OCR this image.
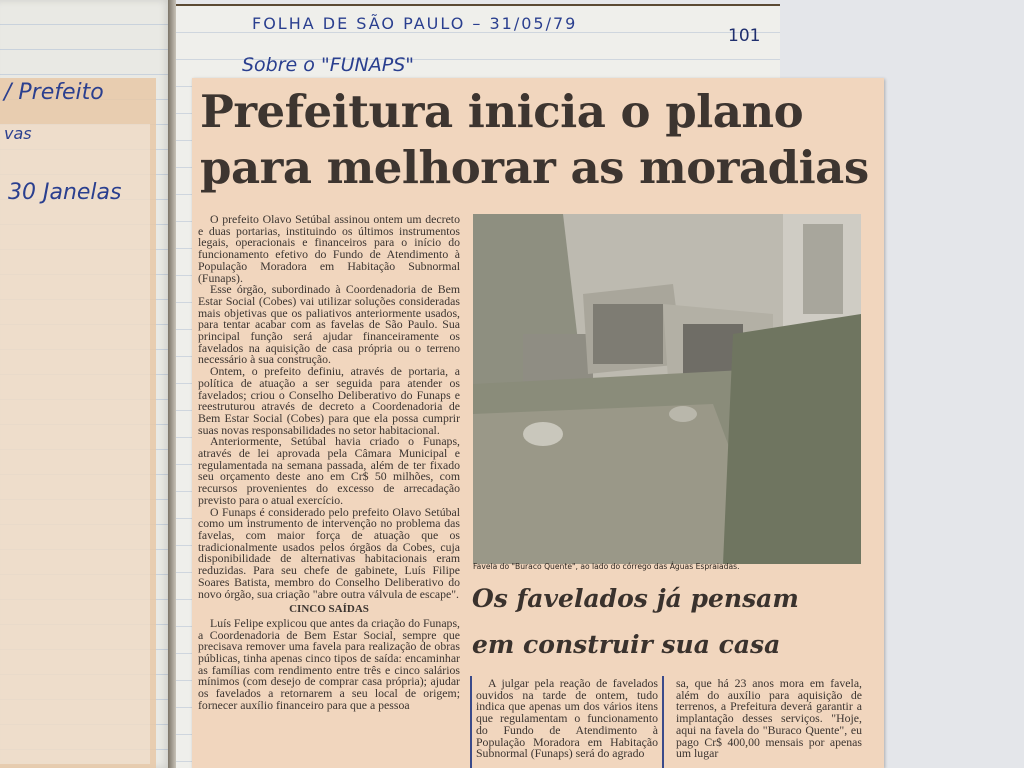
/ Prefeito
vas
30 Janelas
FOLHA DE SÃO PAULO – 31/05/79
Sobre o "FUNAPS"
101
Prefeitura inicia o plano
para melhorar as moradias

O prefeito Olavo Setúbal assinou ontem um decreto e duas portarias, instituindo os últimos instrumentos legais, operacionais e financeiros para o início do funcionamento efetivo do Fundo de Atendimento à População Moradora em Habitação Subnormal (Funaps).

Esse órgão, subordinado à Coordenadoria de Bem Estar Social (Cobes) vai utilizar soluções consideradas mais objetivas que os paliativos anteriormente usados, para tentar acabar com as favelas de São Paulo. Sua principal função será ajudar financeiramente os favelados na aquisição de casa própria ou o terreno necessário à sua construção.

Ontem, o prefeito definiu, através de portaria, a política de atuação a ser seguida para atender os favelados; criou o Conselho Deliberativo do Funaps e reestruturou através de decreto a Coordenadoria de Bem Estar Social (Cobes) para que ela possa cumprir suas novas responsabilidades no setor habitacional.

Anteriormente, Setúbal havia criado o Funaps, através de lei aprovada pela Câmara Municipal e regulamentada na semana passada, além de ter fixado seu orçamento deste ano em Cr$ 50 milhões, com recursos provenientes do excesso de arrecadação previsto para o atual exercício.

O Funaps é considerado pelo prefeito Olavo Setúbal como um instrumento de intervenção no problema das favelas, com maior força de atuação que os tradicionalmente usados pelos órgãos da Cobes, cuja disponibilidade de alternativas habitacionais eram reduzidas. Para seu chefe de gabinete, Luís Filipe Soares Batista, membro do Conselho Deliberativo do novo órgão, sua criação "abre outra válvula de escape".

CINCO SAÍDAS

Luís Felipe explicou que antes da criação do Funaps, a Coordenadoria de Bem Estar Social, sempre que precisava remover uma favela para realização de obras públicas, tinha apenas cinco tipos de saída: encaminhar as famílias com rendimento entre três e cinco salários mínimos (com desejo de comprar casa própria); ajudar os favelados a retornarem a seu local de origem; fornecer auxílio financeiro para que a pessoa

Favela do "Buraco Quente", ao lado do córrego das Águas Espraiadas.
Os favelados já pensam
em construir sua casa

A julgar pela reação de favelados ouvidos na tarde de ontem, tudo indica que apenas um dos vários itens que regulamentam o funcionamento do Fundo de Atendimento à População Moradora em Habitação Subnormal (Funaps) será do agrado

sa, que há 23 anos mora em favela, além do auxílio para aquisição de terrenos, a Prefeitura deverá garantir a implantação desses serviços. "Hoje, aqui na favela do "Buraco Quente", eu pago Cr$ 400,00 mensais por apenas um lugar
